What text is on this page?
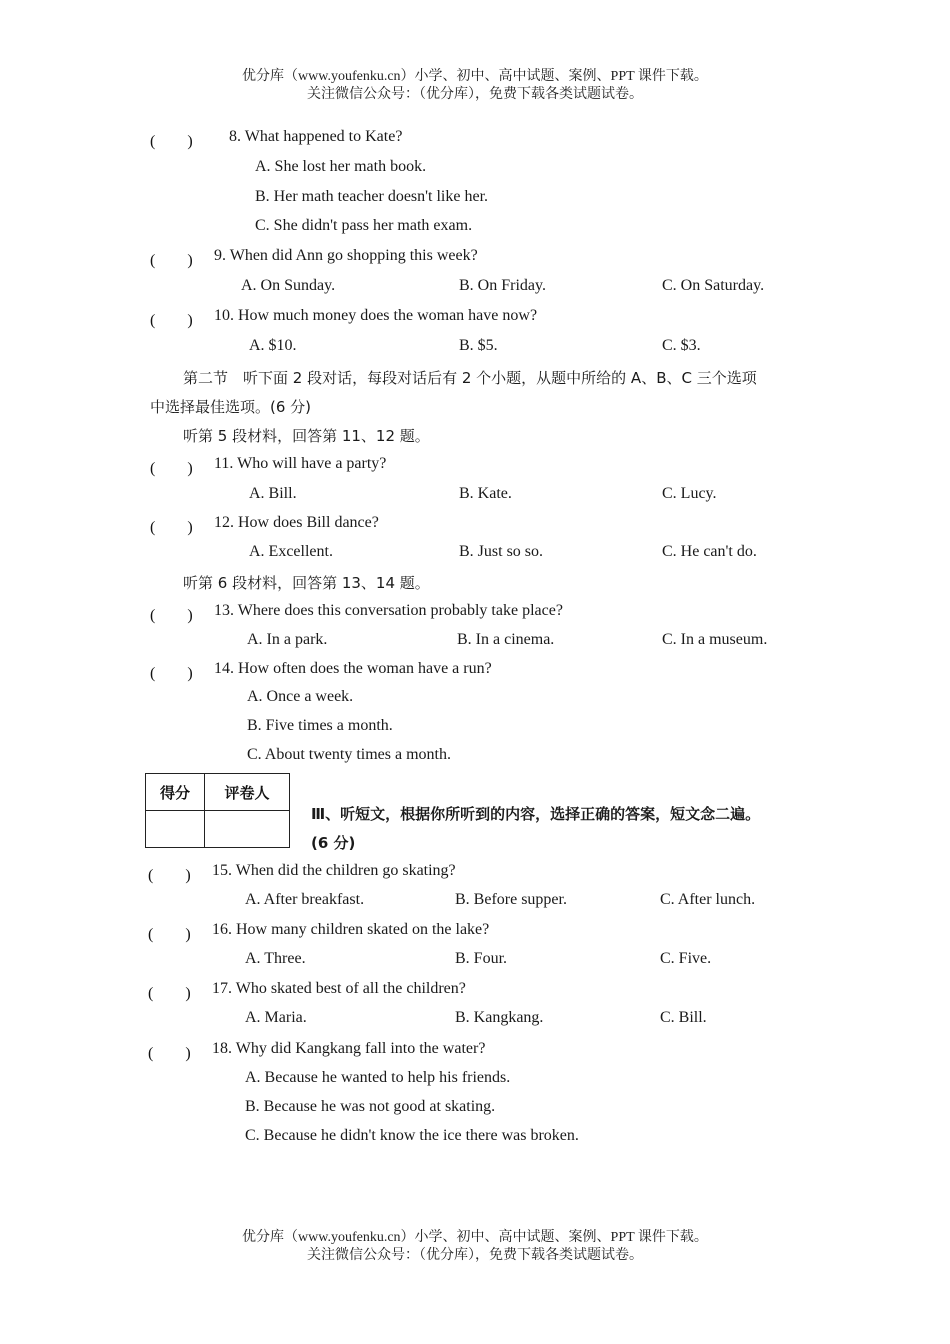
优分库（www.youfenku.cn）小学、初中、高中试题、案例、PPT 课件下载。
关注微信公众号：（优分库），免费下载各类试题试卷。
(　　) 8. What happened to Kate?
A. She lost her math book.
B. Her math teacher doesn't like her.
C. She didn't pass her math exam.
(　　) 9. When did Ann go shopping this week?
A. On Sunday.	B. On Friday.	C. On Saturday.
(　　) 10. How much money does the woman have now?
A. $10.	B. $5.	C. $3.
第二节　听下面 2 段对话，每段对话后有 2 个小题，从题中所给的 A、B、C 三个选项
中选择最佳选项。(6 分)
听第 5 段材料，回答第 11、12 题。
(　　) 11. Who will have a party?
A. Bill.	B. Kate.	C. Lucy.
(　　) 12. How does Bill dance?
A. Excellent.	B. Just so so.	C. He can't do.
听第 6 段材料，回答第 13、14 题。
(　　) 13. Where does this conversation probably take place?
A. In a park.	B. In a cinema.	C. In a museum.
(　　) 14. How often does the woman have a run?
A. Once a week.
B. Five times a month.
C. About twenty times a month.
得分	评卷人

Ⅲ、听短文，根据你所听到的内容，选择正确的答案，短文念二遍。
(6 分)
(　　) 15. When did the children go skating?
A. After breakfast.	B. Before supper.	C. After lunch.
(　　) 16. How many children skated on the lake?
A. Three.	B. Four.	C. Five.
(　　) 17. Who skated best of all the children?
A. Maria.	B. Kangkang.	C. Bill.
(　　) 18. Why did Kangkang fall into the water?
A. Because he wanted to help his friends.
B. Because he was not good at skating.
C. Because he didn't know the ice there was broken.
优分库（www.youfenku.cn）小学、初中、高中试题、案例、PPT 课件下载。
关注微信公众号：（优分库），免费下载各类试题试卷。
